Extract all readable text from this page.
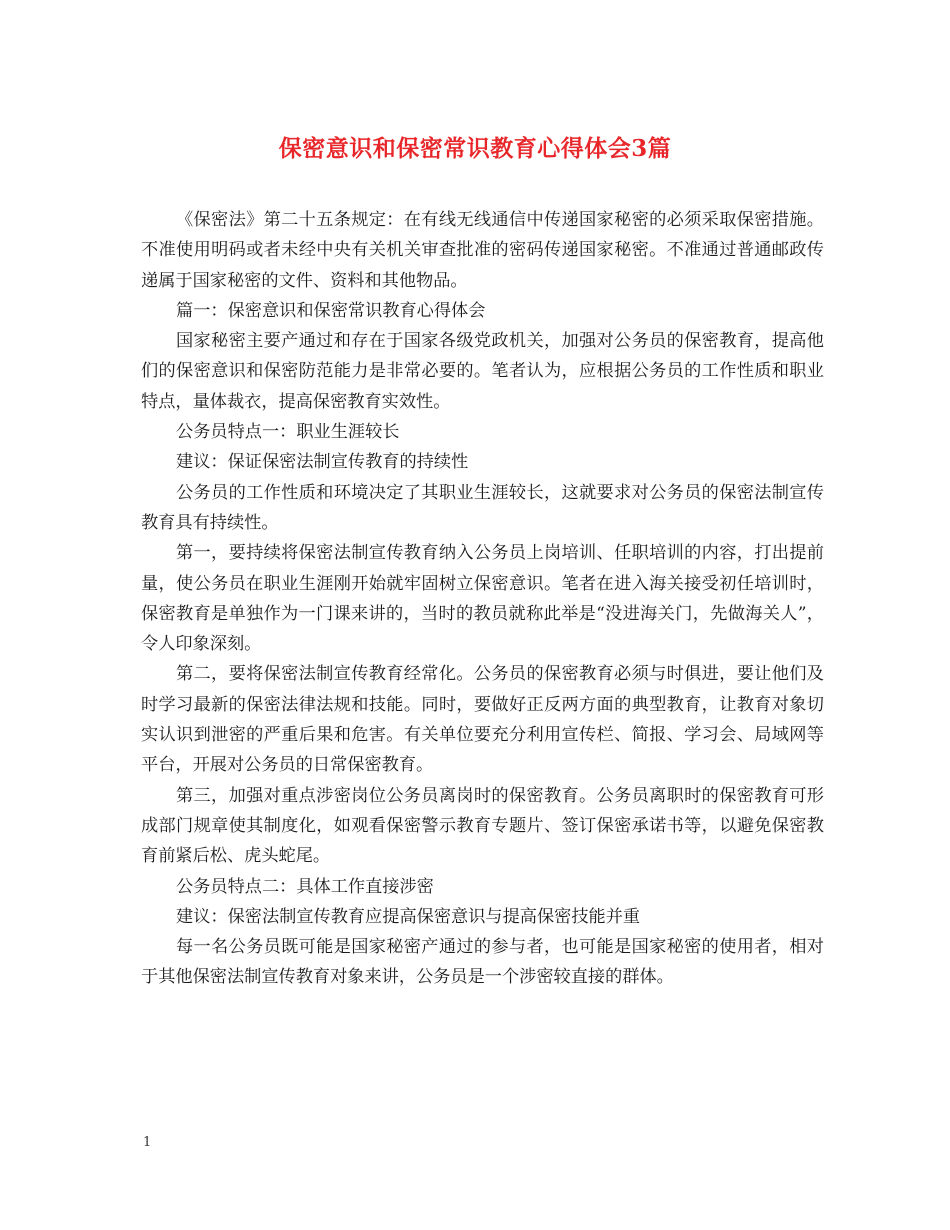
保密意识和保密常识教育心得体会3篇

《保密法》第二十五条规定：在有线无线通信中传递国家秘密的必须采取保密措施。不准使用明码或者未经中央有关机关审查批准的密码传递国家秘密。不准通过普通邮政传递属于国家秘密的文件、资料和其他物品。

篇一：保密意识和保密常识教育心得体会

国家秘密主要产通过和存在于国家各级党政机关，加强对公务员的保密教育，提高他们的保密意识和保密防范能力是非常必要的。笔者认为，应根据公务员的工作性质和职业特点，量体裁衣，提高保密教育实效性。

公务员特点一：职业生涯较长

建议：保证保密法制宣传教育的持续性

公务员的工作性质和环境决定了其职业生涯较长，这就要求对公务员的保密法制宣传教育具有持续性。

第一，要持续将保密法制宣传教育纳入公务员上岗培训、任职培训的内容，打出提前量，使公务员在职业生涯刚开始就牢固树立保密意识。笔者在进入海关接受初任培训时，保密教育是单独作为一门课来讲的，当时的教员就称此举是“没进海关门，先做海关人”，令人印象深刻。

第二，要将保密法制宣传教育经常化。公务员的保密教育必须与时俱进，要让他们及时学习最新的保密法律法规和技能。同时，要做好正反两方面的典型教育，让教育对象切实认识到泄密的严重后果和危害。有关单位要充分利用宣传栏、简报、学习会、局域网等平台，开展对公务员的日常保密教育。

第三，加强对重点涉密岗位公务员离岗时的保密教育。公务员离职时的保密教育可形成部门规章使其制度化，如观看保密警示教育专题片、签订保密承诺书等，以避免保密教育前紧后松、虎头蛇尾。

公务员特点二：具体工作直接涉密

建议：保密法制宣传教育应提高保密意识与提高保密技能并重

每一名公务员既可能是国家秘密产通过的参与者，也可能是国家秘密的使用者，相对于其他保密法制宣传教育对象来讲，公务员是一个涉密较直接的群体。

1
